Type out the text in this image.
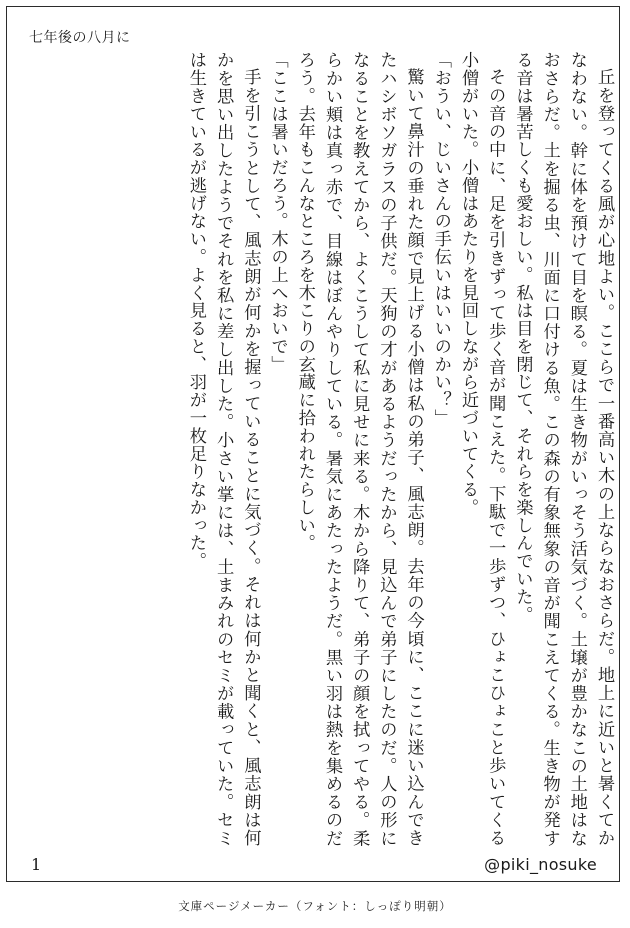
七年後の八月に

丘を登ってくる風が心地よい。ここらで一番高い木の上ならなおさらだ。地上に近いと暑くてかなわない。幹に体を預けて目を瞑る。夏は生き物がいっそう活気づく。土壌が豊かなこの土地はなおさらだ。土を掘る虫、川面に口付ける魚。この森の有象無象の音が聞こえてくる。生き物が発する音は暑苦しくも愛おしい。私は目を閉じて、それらを楽しんでいた。

その音の中に、足を引きずって歩く音が聞こえた。下駄で一歩ずつ、ひょこひょこと歩いてくる小僧がいた。小僧はあたりを見回しながら近づいてくる。

「おうい、じいさんの手伝いはいいのかい？」

驚いて鼻汁の垂れた顔で見上げる小僧は私の弟子、風志朗。去年の今頃に、ここに迷い込んできたハシボソガラスの子供だ。天狗の才があるようだったから、見込んで弟子にしたのだ。人の形になることを教えてから、よくこうして私に見せに来る。木から降りて、弟子の顔を拭ってやる。柔らかい頬は真っ赤で、目線はぼんやりしている。暑気にあたったようだ。黒い羽は熱を集めるのだろう。去年もこんなところを木こりの玄蔵に拾われたらしい。

「ここは暑いだろう。木の上へおいで」

手を引こうとして、風志朗が何かを握っていることに気づく。それは何かと聞くと、風志朗は何かを思い出したようでそれを私に差し出した。小さい掌には、土まみれのセミが載っていた。セミは生きているが逃げない。よく見ると、羽が一枚足りなかった。

1	@piki_nosuke
文庫ページメーカー（フォント：しっぽり明朝）
